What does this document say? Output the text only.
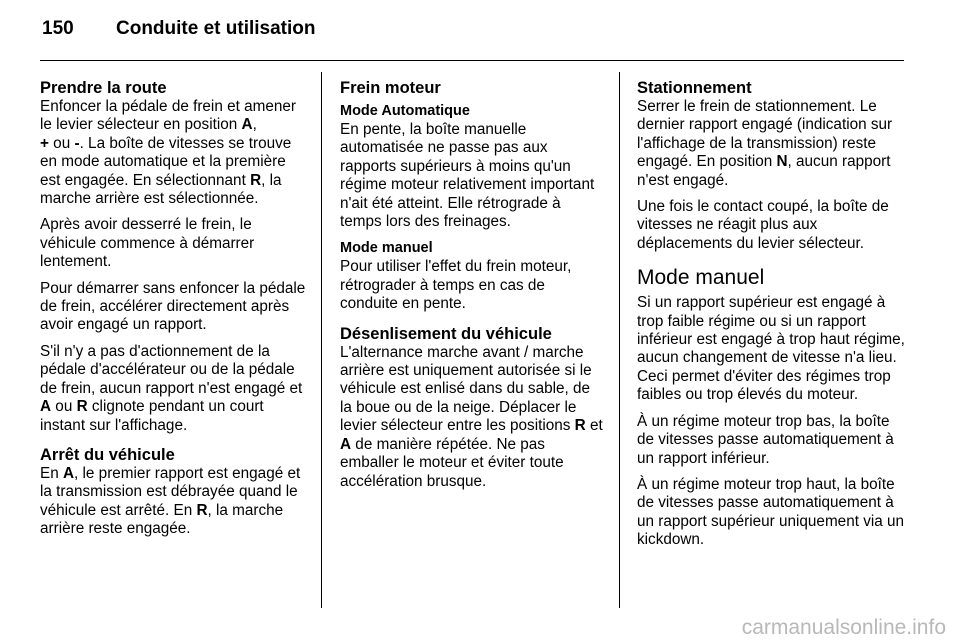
150 Conduite et utilisation
Prendre la route

Enfoncer la pédale de frein et amener le levier sélecteur en position A,
+ ou -. La boîte de vitesses se trouve en mode automatique et la première est engagée. En sélectionnant R, la marche arrière est sélectionnée.

Après avoir desserré le frein, le véhicule commence à démarrer lentement.

Pour démarrer sans enfoncer la pédale de frein, accélérer directement après avoir engagé un rapport.

S'il n'y a pas d'actionnement de la pédale d'accélérateur ou de la pédale de frein, aucun rapport n'est engagé et A ou R clignote pendant un court instant sur l'affichage.

Arrêt du véhicule

En A, le premier rapport est engagé et la transmission est débrayée quand le véhicule est arrêté. En R, la marche arrière reste engagée.

Frein moteur
Mode Automatique

En pente, la boîte manuelle automatisée ne passe pas aux rapports supérieurs à moins qu'un régime moteur relativement important n'ait été atteint. Elle rétrograde à temps lors des freinages.

Mode manuel

Pour utiliser l'effet du frein moteur, rétrograder à temps en cas de conduite en pente.

Désenlisement du véhicule

L'alternance marche avant / marche arrière est uniquement autorisée si le véhicule est enlisé dans du sable, de la boue ou de la neige. Déplacer le levier sélecteur entre les positions R et A de manière répétée. Ne pas emballer le moteur et éviter toute accélération brusque.

Stationnement

Serrer le frein de stationnement. Le dernier rapport engagé (indication sur l'affichage de la transmission) reste engagé. En position N, aucun rapport n'est engagé.

Une fois le contact coupé, la boîte de vitesses ne réagit plus aux déplacements du levier sélecteur.

Mode manuel

Si un rapport supérieur est engagé à trop faible régime ou si un rapport inférieur est engagé à trop haut régime, aucun changement de vitesse n'a lieu. Ceci permet d'éviter des régimes trop faibles ou trop élevés du moteur.

À un régime moteur trop bas, la boîte de vitesses passe automatiquement à un rapport inférieur.

À un régime moteur trop haut, la boîte de vitesses passe automatiquement à un rapport supérieur uniquement via un kickdown.

carmanualsonline.info
